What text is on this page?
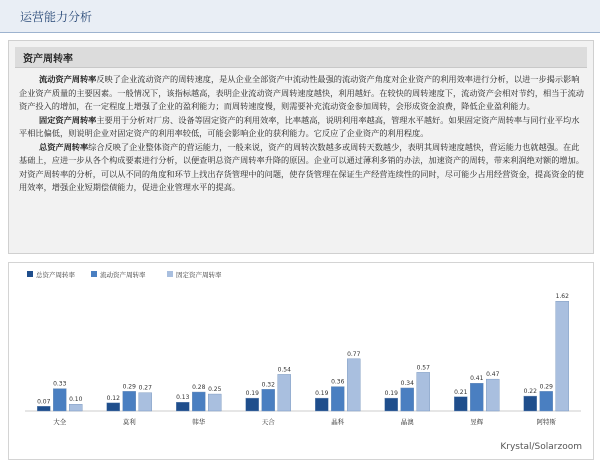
运营能力分析
资产周转率

流动资产周转率反映了企业流动资产的周转速度，是从企业全部资产中流动性最强的流动资产角度对企业资产的利用效率进行分析，以进一步揭示影响企业资产质量的主要因素。一般情况下，该指标越高，表明企业流动资产周转速度越快，利用越好。在较快的周转速度下，流动资产会相对节约，相当于流动资产投入的增加，在一定程度上增强了企业的盈利能力；而周转速度慢，则需要补充流动资金参加周转，会形成资金浪费，降低企业盈利能力。

固定资产周转率主要用于分析对厂房、设备等固定资产的利用效率，比率越高，说明利用率越高，管理水平越好。如果固定资产周转率与同行业平均水平相比偏低，则说明企业对固定资产的利用率较低，可能会影响企业的获利能力。它反应了企业资产的利用程度。

总资产周转率综合反映了企业整体资产的营运能力，一般来说，资产的周转次数越多或周转天数越少，表明其周转速度越快，营运能力也就越强。在此基础上，应进一步从各个构成要素进行分析，以便查明总资产周转率升降的原因。企业可以通过薄利多销的办法，加速资产的周转，带来利润绝对额的增加。对资产周转率的分析，可以从不同的角度和环节上找出存货管理中的问题，使存货管理在保证生产经营连续性的同时，尽可能少占用经营资金，提高资金的使用效率，增强企业短期偿债能力，促进企业管理水平的提高。

总资产周转率	流动资产周转率	固定资产周转率
0.07
0.33
0.10
大全
0.12
0.29 0.27
莫利
0.13
0.28 0.25
韩华
0.19
0.32
0.54
天合
0.19
0.36
0.77
晶科
0.19
0.34
0.57
晶澳
0.21
0.41
0.47
昱辉
0.22
0.29
1.62
阿特斯
Krystal/Solarzoom
